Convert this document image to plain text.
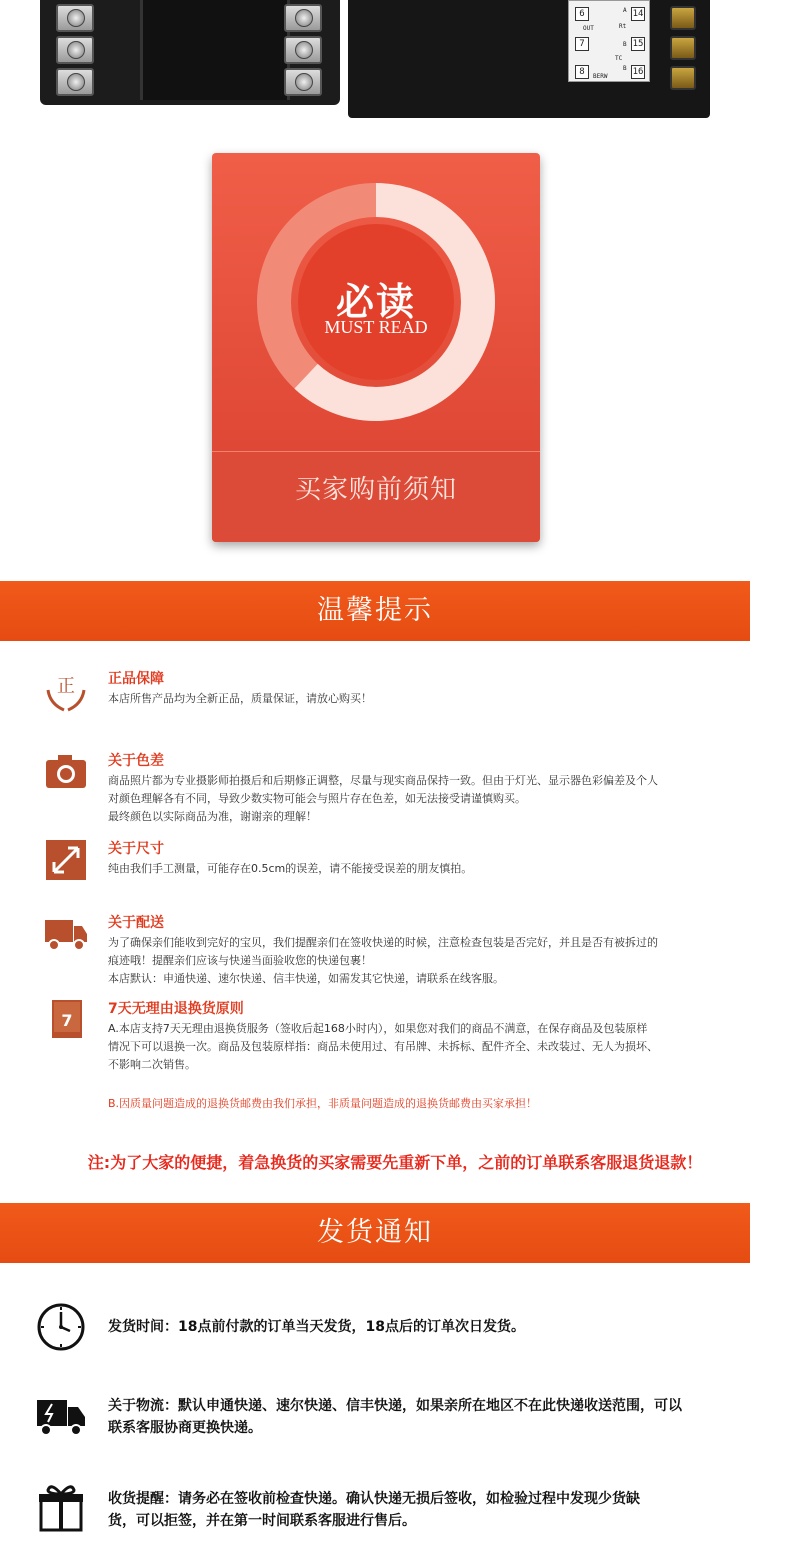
6
7
8
14
15
16
OUT	Rt
TC
BERW
A
B
B
必读
MUST READ
买家购前须知
温馨提示
正 正品保障

本店所售产品均为全新正品，质量保证，请放心购买！

关于色差

商品照片都为专业摄影师拍摄后和后期修正调整，尽量与现实商品保持一致。但由于灯光、显示器色彩偏差及个人

对颜色理解各有不同，导致少数实物可能会与照片存在色差，如无法接受请谨慎购买。

最终颜色以实际商品为准，谢谢亲的理解！

关于尺寸

纯由我们手工测量，可能存在0.5cm的误差，请不能接受误差的朋友慎拍。

关于配送

为了确保亲们能收到完好的宝贝，我们提醒亲们在签收快递的时候，注意检查包装是否完好，并且是否有被拆过的

痕迹哦！提醒亲们应该与快递当面验收您的快递包裹！

本店默认：申通快递、速尔快递、信丰快递，如需发其它快递，请联系在线客服。

7
7天无理由退换货原则

A.本店支持7天无理由退换货服务（签收后起168小时内），如果您对我们的商品不满意，在保存商品及包装原样

情况下可以退换一次。商品及包装原样指：商品未使用过、有吊牌、未拆标、配件齐全、未改装过、无人为损坏、

不影响二次销售。

B.因质量问题造成的退换货邮费由我们承担，非质量问题造成的退换货邮费由买家承担！
注:为了大家的便捷，着急换货的买家需要先重新下单，之前的订单联系客服退货退款！
发货通知

发货时间：18点前付款的订单当天发货，18点后的订单次日发货。

关于物流：默认申通快递、速尔快递、信丰快递，如果亲所在地区不在此快递收送范围，可以

联系客服协商更换快递。

收货提醒：请务必在签收前检查快递。确认快递无损后签收，如检验过程中发现少货缺

货，可以拒签，并在第一时间联系客服进行售后。
